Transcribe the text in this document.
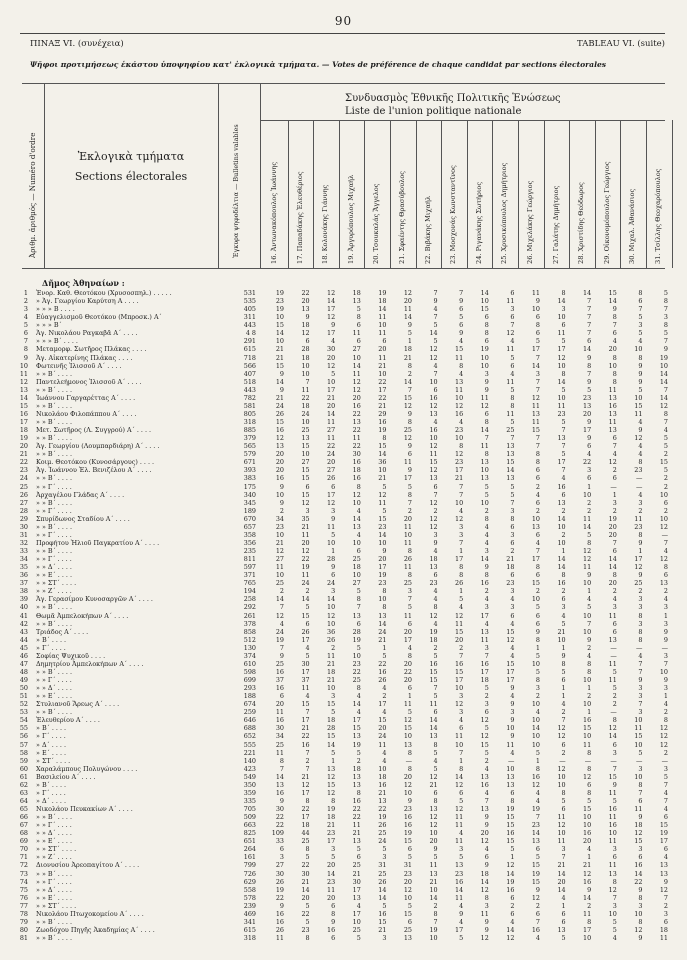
90
ΠΙΝΑΞ VI. (συνέχεια)	TABLEAU VI. (suite)
Ψῆφοι προτιμήσεως ἑκάστου ὑποψηφίου κατ' ἐκλογικὰ τμήματα. — Votes de préférence de chaque candidat par sections électorales
Ἀριθμ. ἀριθμός — Numéro d'ordre	Ἐκλογικὰ τμήματα
Sections électorales	Ἐγκυρα ψηφοδέλτια — Bulletins valables
Συνδυασμὸς Ἐθνικῆς Πολιτικῆς Ἑνώσεως
Liste de l'union politique nationale
16. Ἀντωνακόπουλος Ἰωάννης	17. Παπαδάκης Ἐλευθέριος	18. Κολονάκης Γιάννης	19. Ἀργυρόπουλος Μιχαήλ	20. Τσουκαλάς Ἄγγελος	21. Σφαέντης Θρασύβουλος	22. Βιβάκης Μιχαήλ	23. Μοσχονάς Κωνσταντῖνος	24. Ριγανάκης Σωτήριος	25. Χρυσικόπουλος Δημήτριος	26. Μιχελάκης Γεώργιος	27. Γαλάτης Δημήτριος	28. Χριστίδης Θεόδωρος	29. Οἰκονομόπουλος Γεώργιος	30. Μιχαλ. Ἀθανάσιος	31. Τσίλλης Θεοχαρόπουλος
Δῆμος Ἀθηναίων :
1 Ἐνορ. Καθ. Θεοτόκου (Χρυσοσπηλ.) . . . . .	531	19	22	12	18	19	12	7	7	14	6	11	8	14	15	8	5
2 » Ἁγ. Γεωργίου Καρύτση Α . . . .	535	23	20	14	13	18	20	9	9	10	11	9	14	7	14	6	8
3 » » » Β . . . .	405	19	13	17	5	14	11	4	6	15	3	10	3	7	9	7	7
4 Εὐαγγελισμοῦ Θεοτόκου (Μπροσκ.) Α΄	311	10	9	12	8	11	14	7	5	6	6	6	10	7	8	5	3
5 » » » Β΄	443	15	18	9	6	10	9	5	6	8	7	8	6	7	7	3	8
6 Ἁγ. Νικολάου Ραγκαβᾶ Α΄ . . . .	4 8	14	12	17	11	11	5	14	9	8	12	6	11	7	6	5	5
7 » » » Β΄ . . . .	291	10	6	4	6	6	1	5	4	6	4	5	5	6	4	4	7
8 Μεταμορφ. Σωτῆρος Πλάκας . . . .	615	21	28	30	27	20	18	12	15	19	11	17	17	14	20	10	9
9 Ἁγ. Αἰκατερίνης Πλάκας . . . .	718	21	18	20	10	11	21	12	11	10	5	7	12	9	8	8	19
10 Φωτεινῆς Ἱλισσοῦ Α΄ . . . .	566	15	10	12	14	21	8	4	8	10	6	14	10	8	10	9	10
11 » » Β΄ . . . .	407	9	10	5	11	10	2	7	4	3	4	3	8	7	8	9	14
12 Παντελεήμονος Ἰλισσοῦ Α΄ . . . .	518	14	7	10	12	22	14	10	13	9	11	7	14	9	8	9	14
13 » » Β΄ . . . .	443	9	11	17	12	17	7	6	11	9	5	7	5	5	11	5	7
14 Ἰωάννου Γαργαρέττας Α΄ . . . .	782	21	22	21	20	22	15	16	10	11	8	12	10	23	13	10	14
15 » » Β΄ . . . .	581	24	18	20	16	21	12	12	12	12	8	11	11	13	16	15	12
16 Νικολάου Φιλοπάππου Α΄ . . . .	805	26	24	14	22	29	9	13	16	6	11	13	23	20	13	11	8
17 » » Β΄ . . . .	318	15	10	11	13	16	8	4	4	8	5	11	5	9	11	4	7
18 Μετ. Σωτῆρος (Λ. Συγγρού) Α΄ . . . .	885	16	25	27	22	19	25	16	23	14	25	15	7	17	13	9	4
19 » » Β΄ . . . .	379	12	13	11	11	8	12	10	10	7	7	7	13	9	6	12	5
20 Ἁγ. Γεωργίου (Λουμπαρδιάρη) Α΄ . . . .	565	13	15	22	22	15	9	12	8	11	13	7	7	6	7	4	5
21 » » Β΄ . . . .	579	20	10	24	30	14	6	11	12	8	13	8	5	4	4	4	2
22 Κοιμ. Θεοτόκου (Κυνοσάργους) . . . .	671	20	27	20	16	36	11	15	23	13	15	8	17	22	12	8	15
23 Ἁγ. Ἰωάννου Ἐλ. Βενιζέλου Α΄ . . . .	393	20	15	27	18	10	9	12	17	10	14	6	7	3	2	23	5
24 » » Β΄ . . . .	383	16	15	26	16	21	17	13	21	13	13	6	4	6	6	—	2
25 » » Γ΄ . . . .	175	9	6	6	8	5	5	6	7	5	5	2	16	1	—	—	2
26 Ἀρχαγέλου Γλάδας Α΄ . . . .	340	10	15	17	12	12	8	7	7	5	5	4	6	10	1	4	10
27 » » Β΄ . . . .	345	9	12	12	10	11	7	12	10	10	7	6	13	2	3	3	6
28 » » Γ΄ . . . .	189	2	3	3	4	5	2	2	4	2	3	2	2	2	2	2	2
29 Σπυρίδωνος Σταδίου Α΄ . . . .	670	34	35	9	14	15	20	12	12	8	8	10	14	11	19	11	10
30 » » Β΄ . . . .	657	23	21	11	13	23	11	12	3	4	6	13	10	14	20	23	12
31 » » Γ΄ . . . .	358	10	11	5	4	14	10	3	3	4	3	6	2	5	20	8	—
32 Προφήτου Ἠλιοῦ Παγκρατίου Α΄ . . . .	356	21	20	10	10	10	11	9	7	4	6	4	10	8	7	9	7
33 » » Β΄ . . . .	235	12	12	1	6	9	8	4	1	3	2	7	1	12	6	1	4
34 » » Γ΄ . . . .	811	27	22	28	25	20	26	18	17	14	21	17	14	12	14	17	12
35 » » Δ΄ . . . .	597	11	19	9	18	17	11	13	8	9	18	8	14	11	14	12	8
36 » » Ε΄ . . . .	371	10	11	6	10	19	8	6	8	8	6	6	8	9	8	9	6
37 » » ΣΤ΄ . . . .	765	25	24	24	27	23	25	23	26	16	23	15	16	10	20	25	13
38 » » Ζ΄ . . . .	194	2	2	3	5	8	3	4	1	2	3	2	2	1	2	2	2
39 Ἁγ. Γερασίμου Κυνοσαργῶν Α΄ . . . .	258	14	14	14	8	10	7	4	5	4	4	10	6	4	4	3	4
40 » » Β΄ . . . .	292	7	5	10	7	8	5	8	4	3	3	5	3	5	3	3	3
41 Θωμᾶ Ἀμπελοκήπων Α΄ . . . .	261	12	15	12	13	13	11	12	12	17	6	6	4	10	11	8	1
42 » » Β΄ . . . .	378	4	6	10	6	14	6	4	11	4	4	6	5	7	6	3	3
43 Τριάδος Α΄ . . . .	858	24	26	36	28	24	20	19	15	13	15	9	21	10	6	8	9
44 » Β΄ . . . .	512	19	17	26	19	21	17	18	20	11	12	8	10	9	13	8	9
45 » Γ΄ . . . .	130	7	4	2	5	1	4	2	2	3	4	1	1	2	—	—	—
46 Σοφίας Ψυχικοῦ . . . .	374	9	5	11	10	5	8	5	7	7	4	5	9	4	—	4	3
47 Δημητρίου Ἀμπελοκήπων Α΄ . . . .	610	25	30	21	23	22	20	16	16	16	15	10	8	8	11	7	7
48 » » Β΄ . . . .	598	16	17	18	22	16	22	15	15	17	17	5	5	8	5	7	10
49 » » Γ΄ . . . .	699	37	37	21	25	26	20	15	17	18	17	8	6	10	11	9	9
50 » » Δ΄ . . . .	293	16	11	10	8	4	6	7	10	5	9	3	1	1	5	3	3
51 » » Ε΄ . . . .	188	6	4	3	4	2	1	5	3	2	4	2	1	2	2	3	1
52 Στυλιανοῦ Ἄρεως Α΄ . . . .	674	20	15	15	14	17	11	11	12	3	9	10	4	10	2	7	4
53 » » Β΄ . . . .	259	11	7	5	4	4	5	6	3	6	3	4	2	1	—	3	2
54 Ἐλευθερίου Α΄ . . . .	646	16	17	18	17	15	12	14	4	12	9	10	7	16	8	10	8
55 » Β΄ . . . .	688	30	21	28	15	20	15	14	6	5	10	14	12	15	12	11	12
56 » Γ΄ . . . .	652	34	22	15	13	24	10	13	11	12	9	10	12	10	14	15	12
57 » Δ΄ . . . .	555	25	16	14	19	11	13	8	10	15	11	10	6	11	6	10	12
58 » Ε΄ . . . .	221	11	7	5	5	4	8	5	7	5	4	5	2	8	3	5	2
59 » ΣΤ΄ . . . .	140	8	2	1	2	4	—	4	1	2	—	1	—	—	—	—	—
60 Χαραλάμπους Πολυγώνου . . . .	423	7	7	13	18	10	8	5	8	4	10	8	12	8	7	3	3
61 Βασιλείου Α΄ . . . .	549	14	21	12	13	18	20	12	14	13	13	16	10	12	15	10	5
62 » Β΄ . . . .	350	13	12	15	13	16	12	21	12	16	13	12	10	6	9	8	7
63 » Γ΄ . . . .	359	16	17	12	8	21	10	6	6	4	6	4	8	8	11	7	4
64 » Δ΄ . . . .	335	9	8	8	16	13	9	8	5	7	8	4	5	5	5	6	7
65 Νικολάου Πευκακίων Α΄ . . . .	705	30	22	19	22	22	23	13	12	13	19	19	6	15	16	11	4
66 » » Β΄ . . . .	509	22	17	18	22	19	16	12	11	9	15	7	11	10	11	9	6
67 » » Γ΄ . . . .	663	22	18	21	11	26	16	12	11	9	15	23	12	10	16	18	15
68 » » Δ΄ . . . .	825	109	44	23	21	25	19	10	4	20	16	14	10	16	10	12	19
69 » » Ε΄ . . . .	651	33	25	17	13	24	15	20	11	12	15	13	11	20	11	15	17
70 » » ΣΤ΄ . . . .	264	6	8	3	5	5	6	9	3	4	5	6	3	4	3	3	6
71 » » Ζ΄ . . . .	161	3	5	5	6	3	5	5	5	6	1	5	7	1	6	6	4
72 Διονυσίου Ἀρεοπαγίτου Α΄ . . . .	799	27	22	20	25	31	31	11	13	9	12	15	21	21	11	16	13
73 » » Β΄ . . . .	726	30	30	14	21	25	23	13	23	18	14	19	14	12	13	14	13
74 » » Γ΄ . . . .	629	26	21	23	30	26	20	21	16	14	19	15	20	16	8	22	9
75 » » Δ΄ . . . .	558	19	14	11	17	14	12	10	14	12	16	9	14	9	12	9	12
76 » » Ε΄ . . . .	578	22	20	20	13	14	10	14	11	8	6	12	4	14	7	8	7
77 » » ΣΤ΄ . . . .	239	9	5	6	4	5	5	2	4	3	2	2	1	2	3	3	2
78 Νικολάου Πτωχοκομείου Α΄ . . . .	469	16	22	8	17	16	15	8	9	11	6	6	6	11	10	10	3
79 » » Β΄ . . . .	341	16	5	9	10	15	6	7	4	9	4	7	6	8	5	8	6
80 Ζωοδόχου Πηγῆς Ἀκαδημίας Α΄ . . . .	615	26	23	16	25	21	25	19	17	9	14	16	13	17	5	12	18
81 » » Β΄ . . . .	318	11	8	6	5	3	13	10	5	12	12	4	5	10	4	9	11
